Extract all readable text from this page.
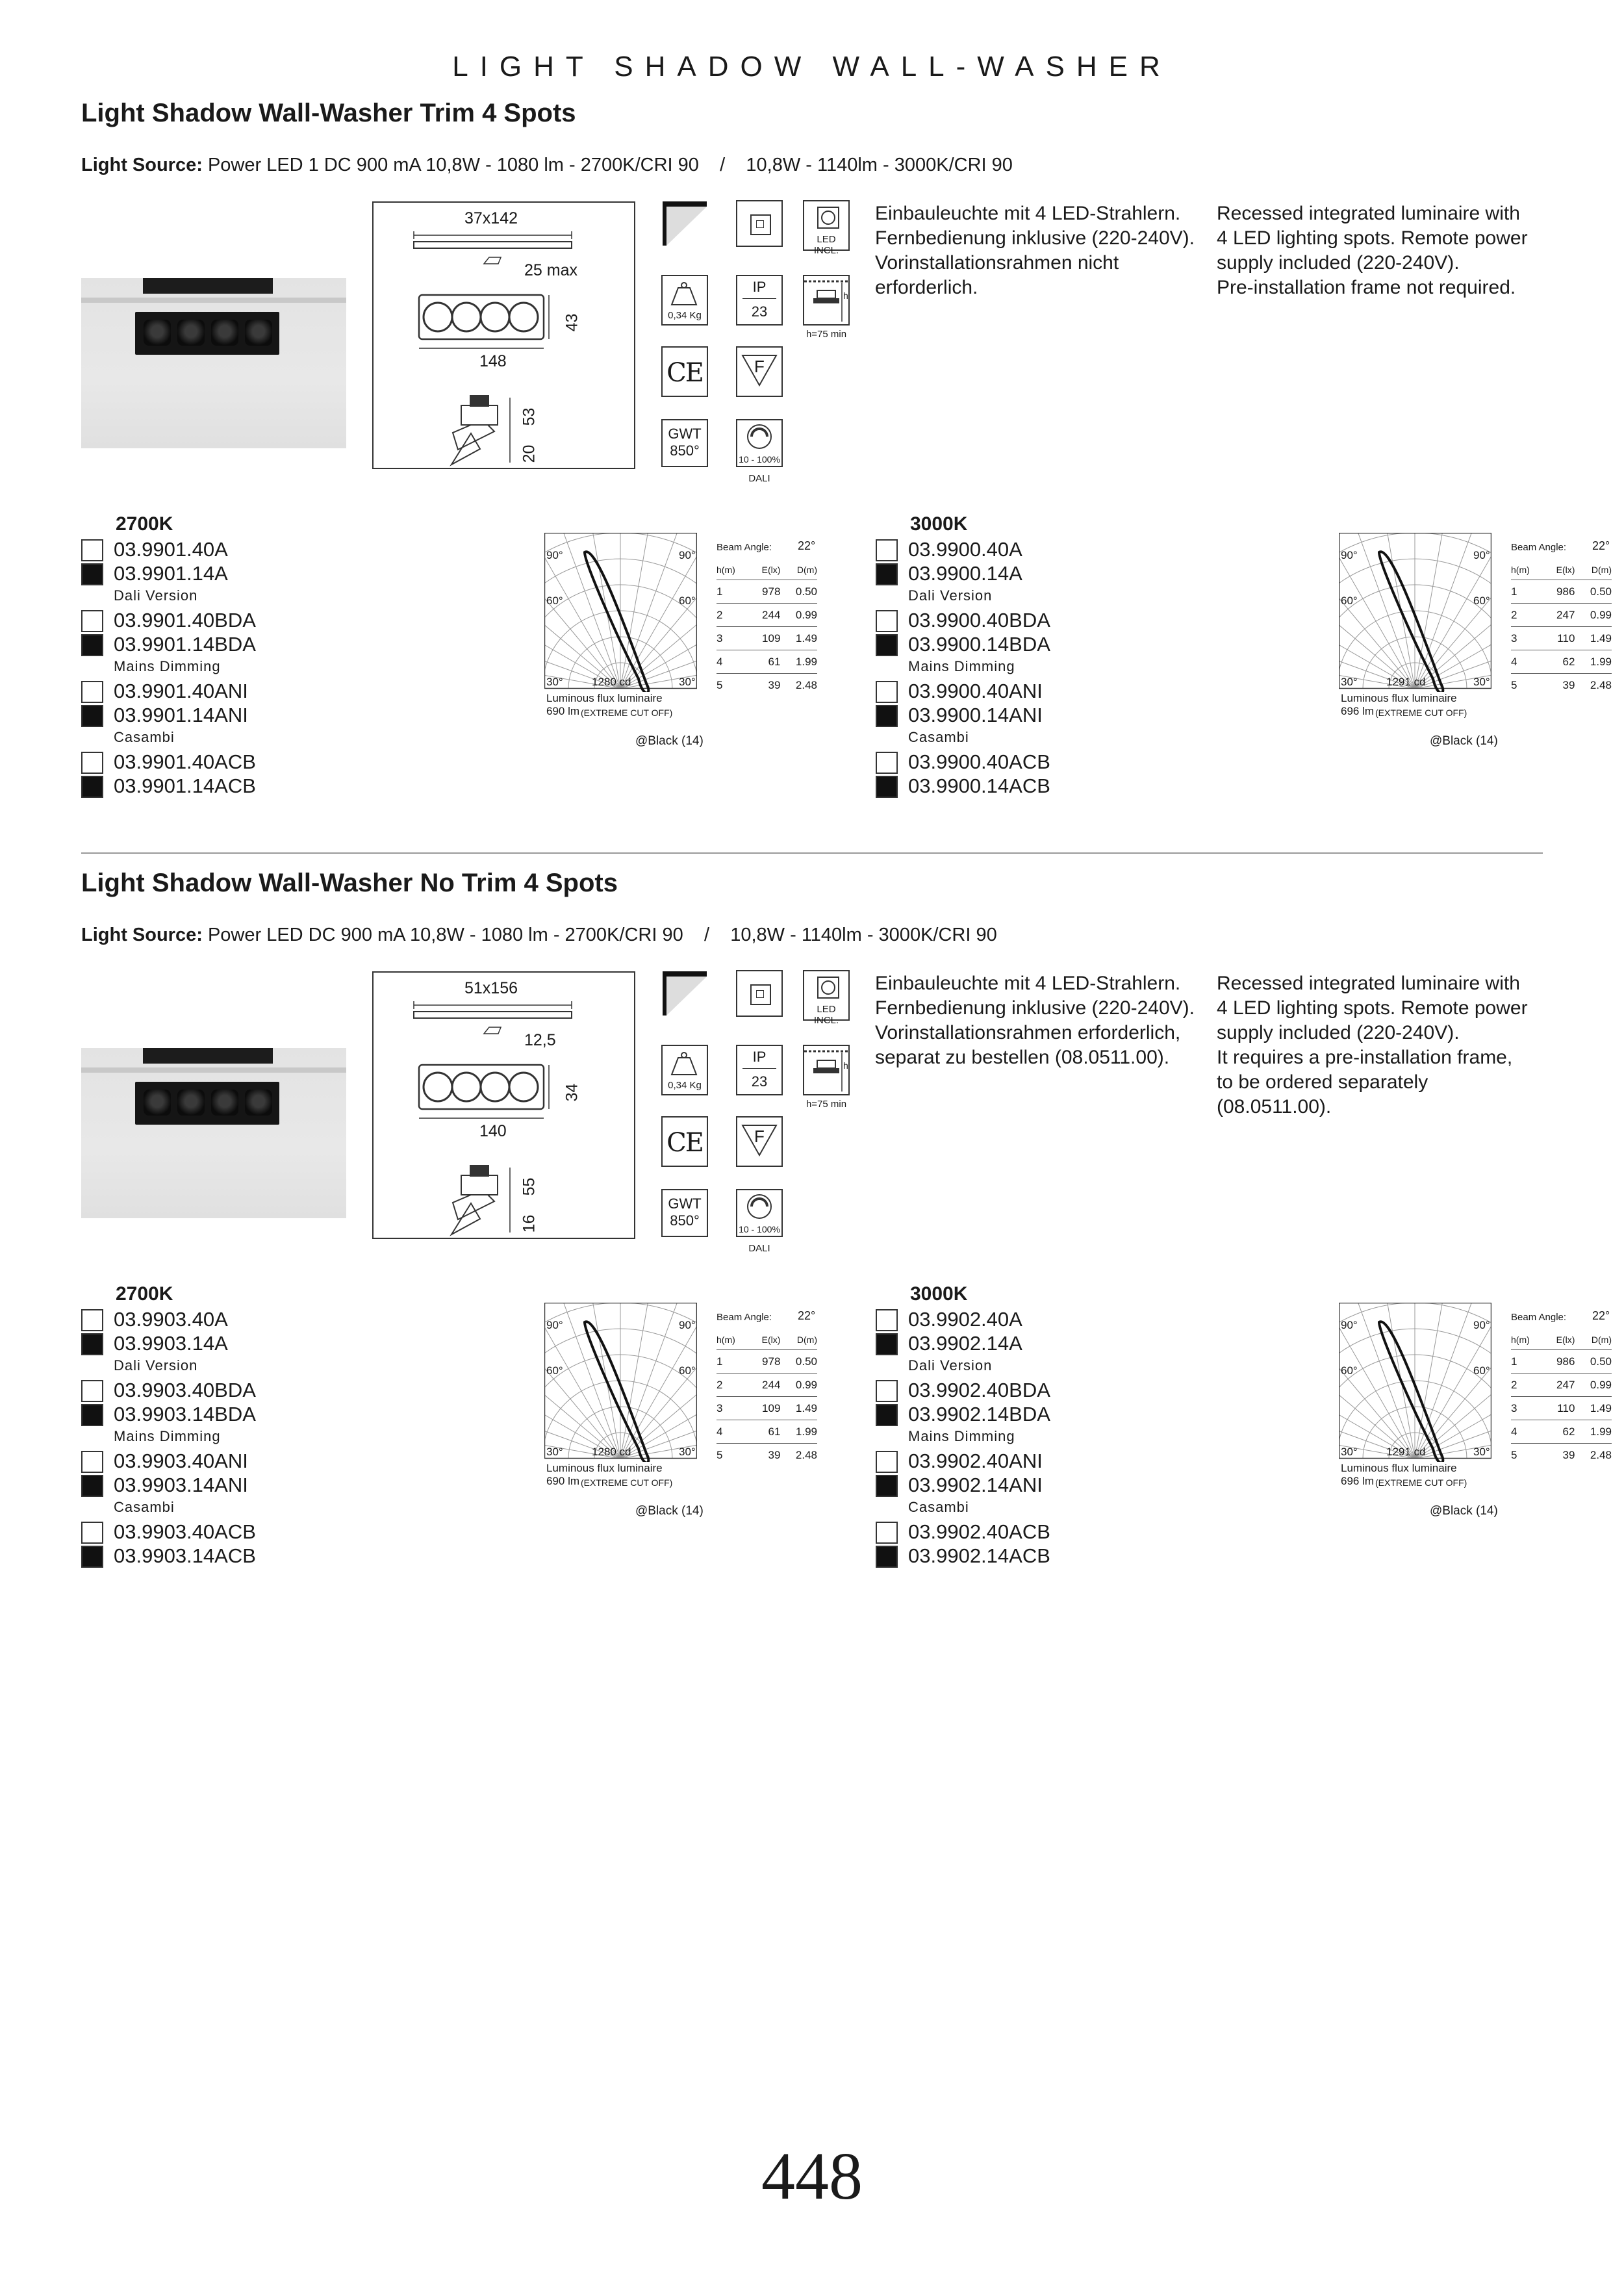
LIGHT SHADOW WALL-WASHER
Light Shadow Wall-Washer Trim 4 Spots
Light Source: Power LED 1 DC 900 mA 10,8W - 1080 lm - 2700K/CRI 90    /    10,8W - 1140lm - 3000K/CRI 90
37x142
25 max
43
148
53
20
LED INCL.
0,34 Kg
IP
23
h
h=75 min
CE	F
GWT
850°
10 - 100%
DALI
Einbauleuchte mit 4 LED-Strahlern.
Fernbedienung inklusive (220-240V).
Vorinstallationsrahmen nicht
erforderlich.
Recessed integrated luminaire with
4 LED lighting spots. Remote power
supply included (220-240V).
Pre-installation frame not required.
2700K
03.9901.40A
03.9901.14A
Dali Version
03.9901.40BDA
03.9901.14BDA
Mains Dimming
03.9901.40ANI
03.9901.14ANI
Casambi
03.9901.40ACB
03.9901.14ACB
90°	90°
60°	60°
30°	30°
1280 cd
Luminous flux luminaire
690 lm (EXTREME CUT OFF)
@Black (14)
Beam Angle: 22°
h(m)	E(lx)	D(m)
1	978	0.50
2	244	0.99
3	109	1.49
4	61	1.99
5	39	2.48
3000K
03.9900.40A
03.9900.14A
Dali Version
03.9900.40BDA
03.9900.14BDA
Mains Dimming
03.9900.40ANI
03.9900.14ANI
Casambi
03.9900.40ACB
03.9900.14ACB
90°	90°
60°	60°
30°	30°
1291 cd
Luminous flux luminaire
696 lm (EXTREME CUT OFF)
@Black (14)
Beam Angle: 22°
h(m)	E(lx)	D(m)
1	986	0.50
2	247	0.99
3	110	1.49
4	62	1.99
5	39	2.48
Light Shadow Wall-Washer No Trim 4 Spots
Light Source: Power LED DC 900 mA 10,8W - 1080 lm - 2700K/CRI 90    /    10,8W - 1140lm - 3000K/CRI 90
51x156
12,5
34
140
55
16
LED INCL.
0,34 Kg
IP
23
h
h=75 min
CE	F
GWT
850°
10 - 100%
DALI
Einbauleuchte mit 4 LED-Strahlern.
Fernbedienung inklusive (220-240V).
Vorinstallationsrahmen erforderlich,
separat zu bestellen (08.0511.00).
Recessed integrated luminaire with
4 LED lighting spots. Remote power
supply included (220-240V).
It requires a pre-installation frame,
to be ordered separately
(08.0511.00).
2700K
03.9903.40A
03.9903.14A
Dali Version
03.9903.40BDA
03.9903.14BDA
Mains Dimming
03.9903.40ANI
03.9903.14ANI
Casambi
03.9903.40ACB
03.9903.14ACB
90°	90°
60°	60°
30°	30°
1280 cd
Luminous flux luminaire
690 lm (EXTREME CUT OFF)
@Black (14)
Beam Angle: 22°
h(m)	E(lx)	D(m)
1	978	0.50
2	244	0.99
3	109	1.49
4	61	1.99
5	39	2.48
3000K
03.9902.40A
03.9902.14A
Dali Version
03.9902.40BDA
03.9902.14BDA
Mains Dimming
03.9902.40ANI
03.9902.14ANI
Casambi
03.9902.40ACB
03.9902.14ACB
90°	90°
60°	60°
30°	30°
1291 cd
Luminous flux luminaire
696 lm (EXTREME CUT OFF)
@Black (14)
Beam Angle: 22°
h(m)	E(lx)	D(m)
1	986	0.50
2	247	0.99
3	110	1.49
4	62	1.99
5	39	2.48
448
